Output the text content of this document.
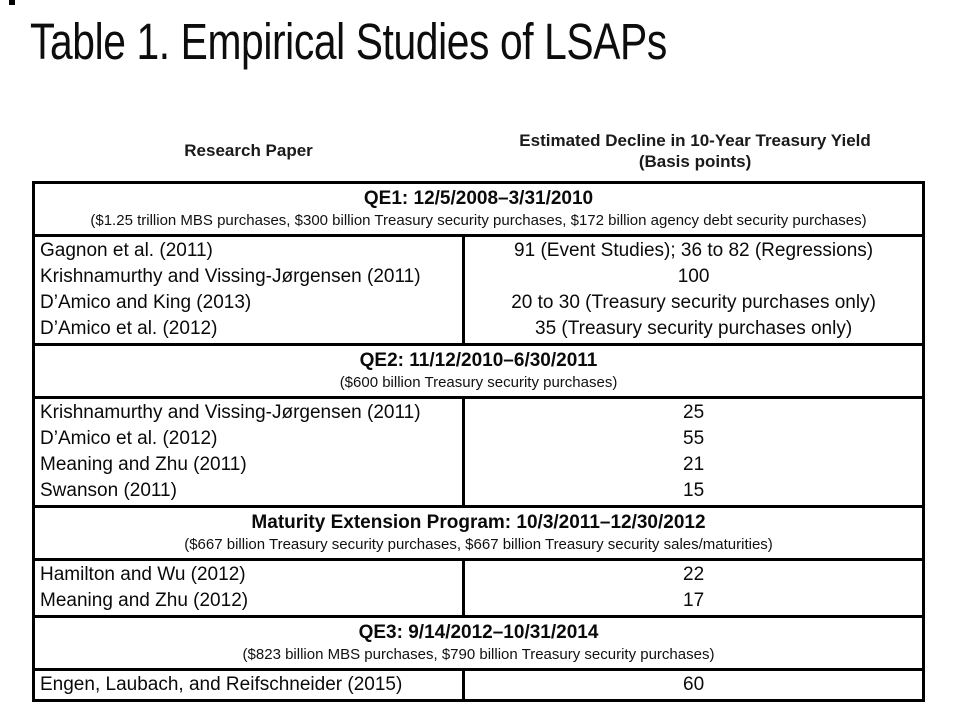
Table 1. Empirical Studies of LSAPs
Research Paper
Estimated Decline in 10-Year Treasury Yield
(Basis points)
QE1: 12/5/2008–3/31/2010
($1.25 trillion MBS purchases, $300 billion Treasury security purchases, $172 billion agency debt security purchases)
Gagnon et al. (2011)
Krishnamurthy and Vissing-Jørgensen (2011)
D’Amico and King (2013)
D’Amico et al. (2012)
91 (Event Studies); 36 to 82 (Regressions)
100
20 to 30 (Treasury security purchases only)
35 (Treasury security purchases only)
QE2: 11/12/2010–6/30/2011
($600 billion Treasury security purchases)
Krishnamurthy and Vissing-Jørgensen (2011)
D’Amico et al. (2012)
Meaning and Zhu (2011)
Swanson (2011)
25
55
21
15
Maturity Extension Program: 10/3/2011–12/30/2012
($667 billion Treasury security purchases, $667 billion Treasury security sales/maturities)
Hamilton and Wu (2012)
Meaning and Zhu (2012)
22
17
QE3: 9/14/2012–10/31/2014
($823 billion MBS purchases, $790 billion Treasury security purchases)
Engen, Laubach, and Reifschneider (2015)	60
